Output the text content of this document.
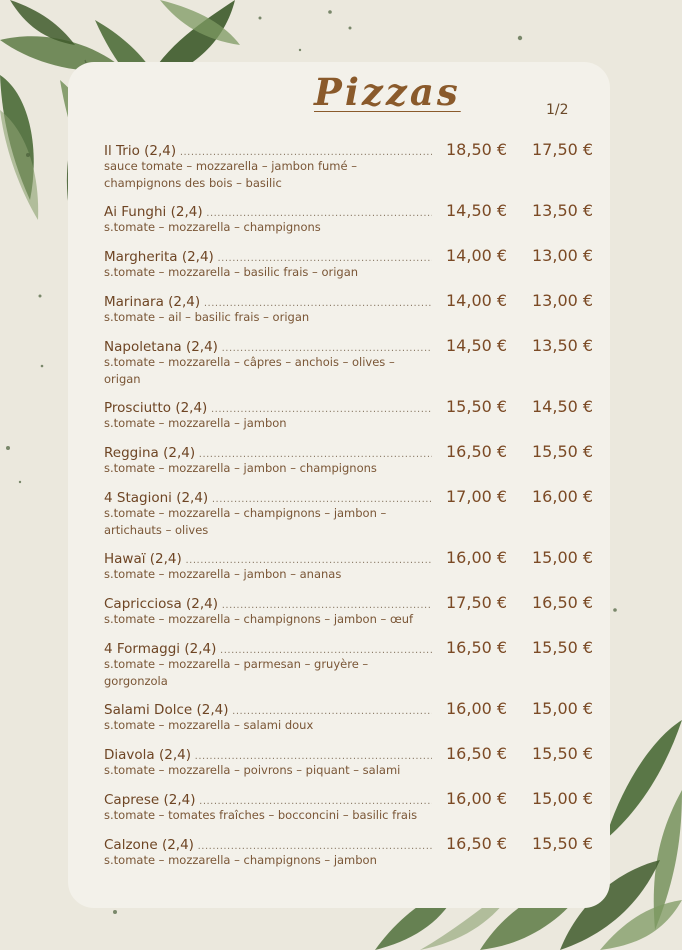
Pizzas	1/2
Il Trio (2,4) .....	18,50 €	17,50 €
sauce tomate – mozzarella – jambon fumé – champignons des bois – basilic
Ai Funghi (2,4) .....	14,50 €	13,50 €
s.tomate – mozzarella – champignons
Margherita (2,4) .....	14,00 €	13,00 €
s.tomate – mozzarella – basilic frais – origan
Marinara (2,4) .....	14,00 €	13,00 €
s.tomate – ail – basilic frais – origan
Napoletana (2,4) .....	14,50 €	13,50 €
s.tomate – mozzarella – câpres – anchois – olives – origan
Prosciutto (2,4) .....	15,50 €	14,50 €
s.tomate – mozzarella – jambon
Reggina (2,4) .....	16,50 €	15,50 €
s.tomate – mozzarella – jambon – champignons
4 Stagioni (2,4) .....	17,00 €	16,00 €
s.tomate – mozzarella – champignons – jambon – artichauts – olives
Hawaï (2,4) .....	16,00 €	15,00 €
s.tomate – mozzarella – jambon – ananas
Capricciosa (2,4) .....	17,50 €	16,50 €
s.tomate – mozzarella – champignons – jambon – œuf
4 Formaggi (2,4) .....	16,50 €	15,50 €
s.tomate – mozzarella – parmesan – gruyère – gorgonzola
Salami Dolce (2,4) .....	16,00 €	15,00 €
s.tomate – mozzarella – salami doux
Diavola (2,4) .....	16,50 €	15,50 €
s.tomate – mozzarella – poivrons – piquant – salami
Caprese (2,4) .....	16,00 €	15,00 €
s.tomate – tomates fraîches – bocconcini – basilic frais
Calzone (2,4) .....	16,50 €	15,50 €
s.tomate – mozzarella – champignons – jambon
